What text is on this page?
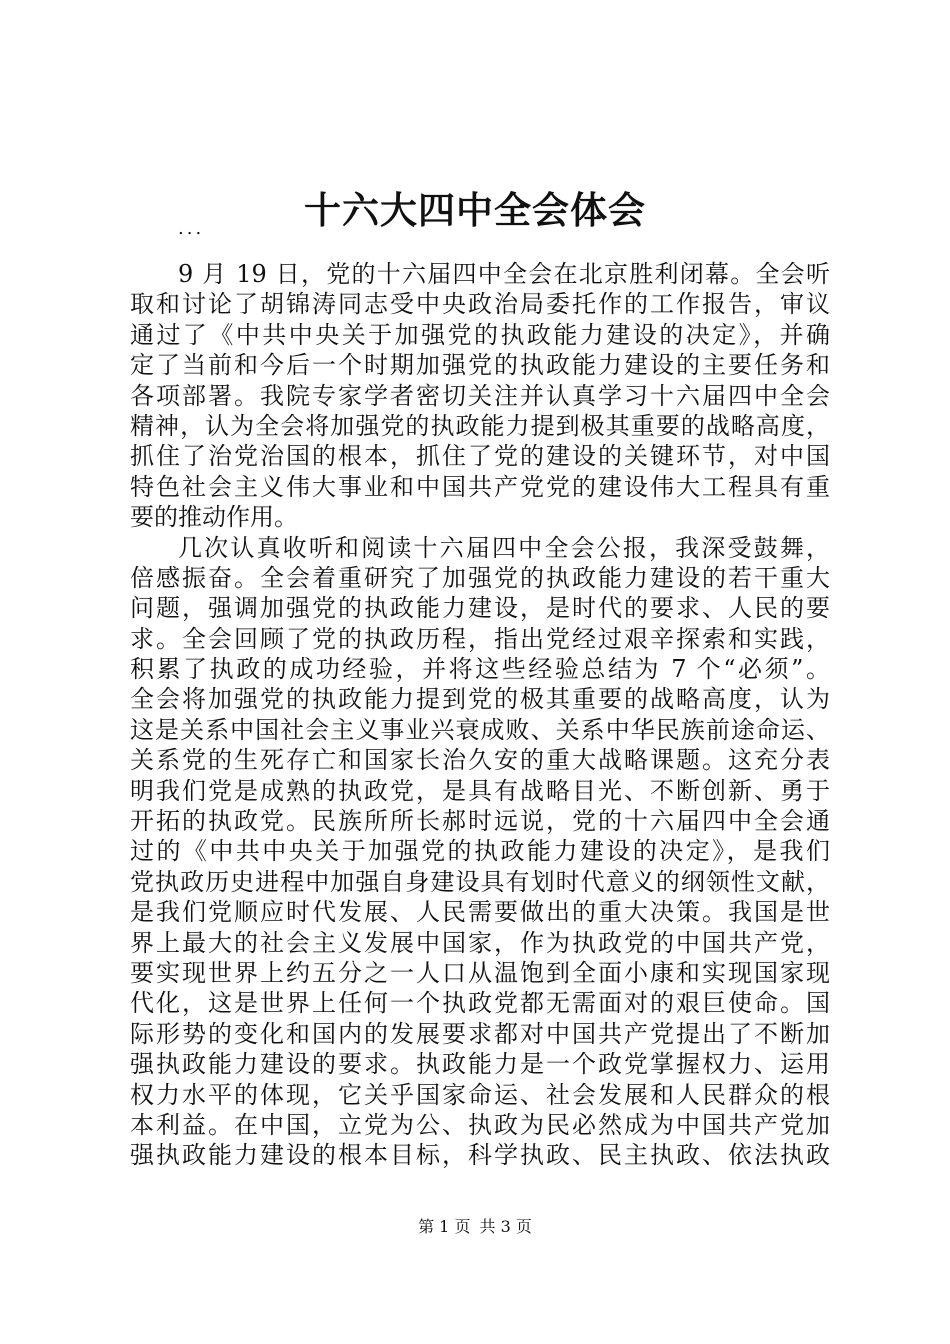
十六大四中全会体会
...
9 月 19 日，党的十六届四中全会在北京胜利闭幕。全会听
取和讨论了胡锦涛同志受中央政治局委托作的工作报告，审议
通过了《中共中央关于加强党的执政能力建设的决定》，并确
定了当前和今后一个时期加强党的执政能力建设的主要任务和
各项部署。我院专家学者密切关注并认真学习十六届四中全会
精神，认为全会将加强党的执政能力提到极其重要的战略高度，
抓住了治党治国的根本，抓住了党的建设的关键环节，对中国
特色社会主义伟大事业和中国共产党党的建设伟大工程具有重
要的推动作用。
几次认真收听和阅读十六届四中全会公报，我深受鼓舞，
倍感振奋。全会着重研究了加强党的执政能力建设的若干重大
问题，强调加强党的执政能力建设，是时代的要求、人民的要
求。全会回顾了党的执政历程，指出党经过艰辛探索和实践，
积累了执政的成功经验，并将这些经验总结为 7 个“必须”。
全会将加强党的执政能力提到党的极其重要的战略高度，认为
这是关系中国社会主义事业兴衰成败、关系中华民族前途命运、
关系党的生死存亡和国家长治久安的重大战略课题。这充分表
明我们党是成熟的执政党，是具有战略目光、不断创新、勇于
开拓的执政党。民族所所长郝时远说，党的十六届四中全会通
过的《中共中央关于加强党的执政能力建设的决定》，是我们
党执政历史进程中加强自身建设具有划时代意义的纲领性文献，
是我们党顺应时代发展、人民需要做出的重大决策。我国是世
界上最大的社会主义发展中国家，作为执政党的中国共产党，
要实现世界上约五分之一人口从温饱到全面小康和实现国家现
代化，这是世界上任何一个执政党都无需面对的艰巨使命。国
际形势的变化和国内的发展要求都对中国共产党提出了不断加
强执政能力建设的要求。执政能力是一个政党掌握权力、运用
权力水平的体现，它关乎国家命运、社会发展和人民群众的根
本利益。在中国，立党为公、执政为民必然成为中国共产党加
强执政能力建设的根本目标，科学执政、民主执政、依法执政
第 1 页 共 3 页
